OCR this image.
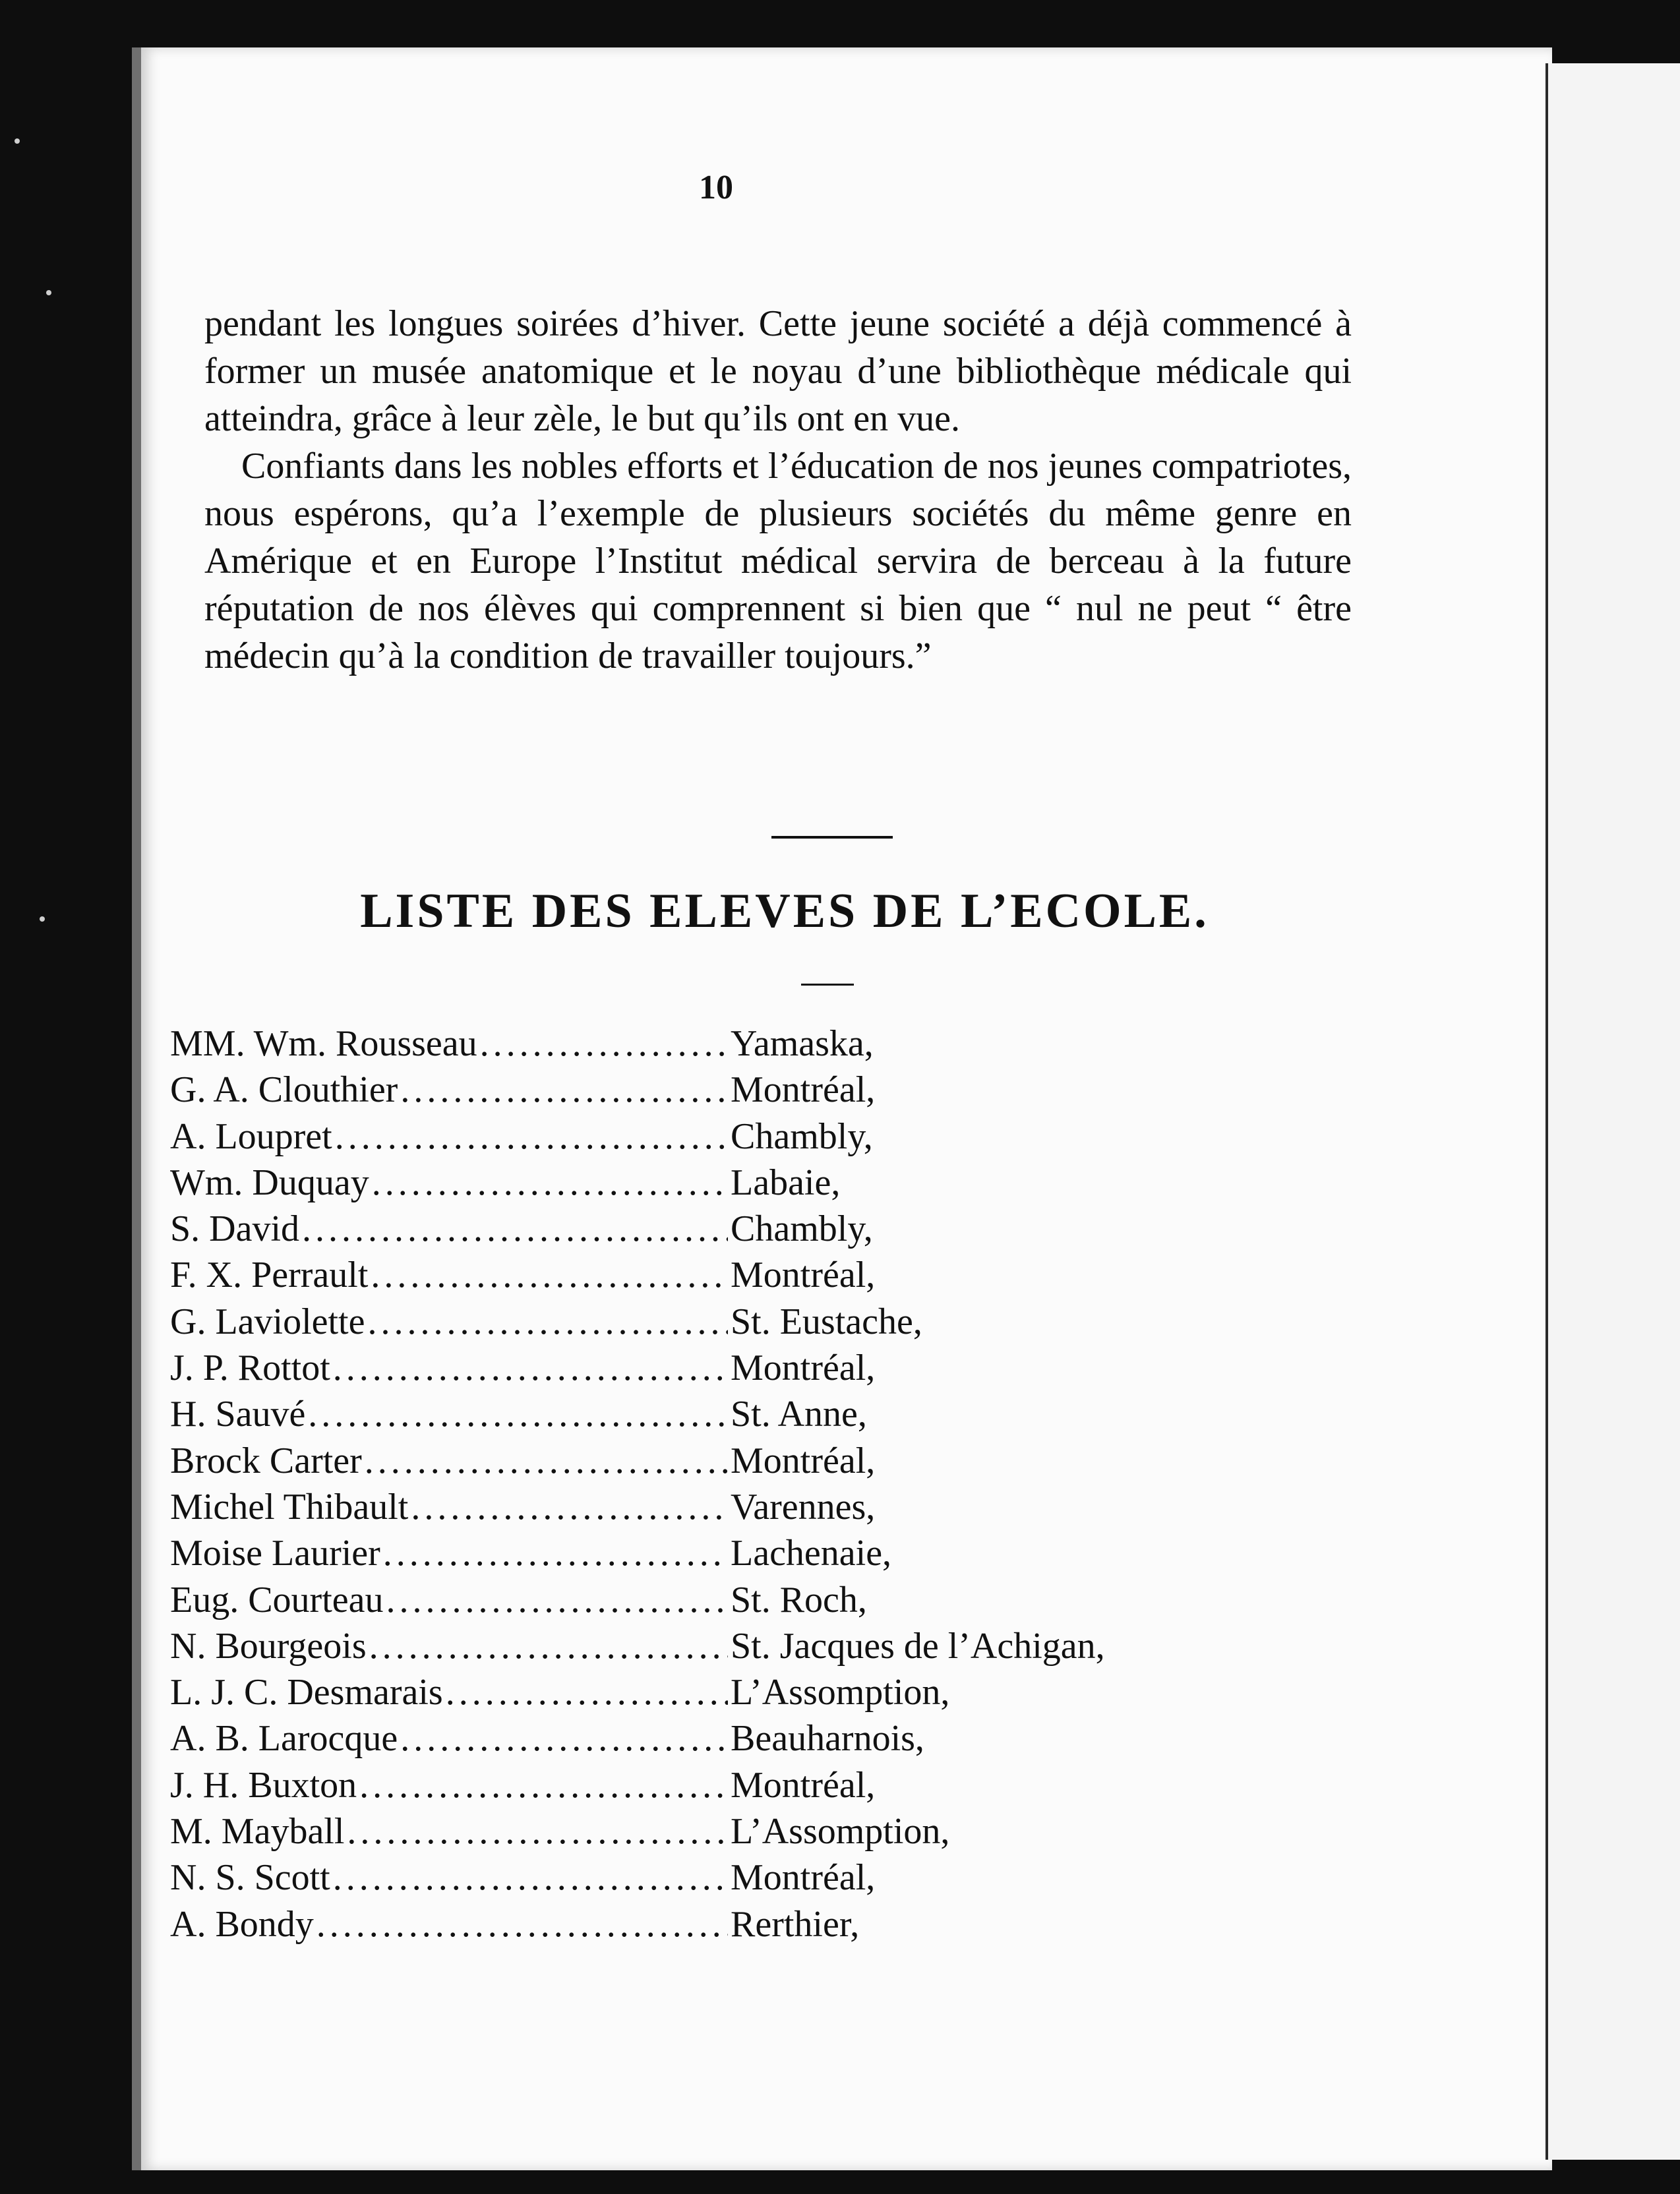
10

pendant les longues soirées d’hiver. Cette jeune société a déjà commencé à former un musée anatomique et le noyau d’une bibliothèque médicale qui atteindra, grâce à leur zèle, le but qu’ils ont en vue.

Confiants dans les nobles efforts et l’éducation de nos jeunes compatriotes, nous espérons, qu’a l’exemple de plusieurs sociétés du même genre en Amérique et en Europe l’Institut médical servira de berceau à la future réputation de nos élèves qui comprennent si bien que “ nul ne peut “ être médecin qu’à la condition de travailler toujours.”

LISTE DES ELEVES DE L’ECOLE.
MM. Wm. Rousseau .....	Yamaska,
G. A. Clouthier .....	Montréal,
A. Loupret .....	Chambly,
Wm. Duquay .....	Labaie,
S. David .....	Chambly,
F. X. Perrault .....	Montréal,
G. Laviolette .....	St. Eustache,
J. P. Rottot .....	Montréal,
H. Sauvé .....	St. Anne,
Brock Carter .....	Montréal,
Michel Thibault .....	Varennes,
Moise Laurier .....	Lachenaie,
Eug. Courteau .....	St. Roch,
N. Bourgeois .....	St. Jacques de l’Achigan,
L. J. C. Desmarais .....	L’Assomption,
A. B. Larocque .....	Beauharnois,
J. H. Buxton .....	Montréal,
M. Mayball .....	L’Assomption,
N. S. Scott .....	Montréal,
A. Bondy .....	Rerthier,
